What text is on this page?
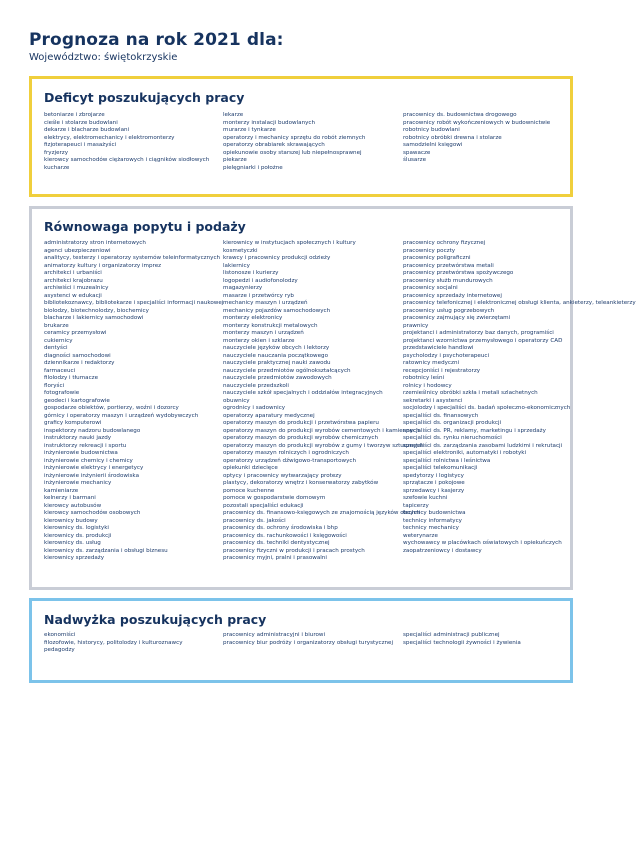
Prognoza na rok 2021 dla:
Województwo: świętokrzyskie
Deficyt poszukujących pracy
betoniarze i zbrojarze
cieśle i stolarze budowlani
dekarze i blacharze budowlani
elektrycy, elektromechanicy i elektromonterzy
fizjoterapeuci i masażyści
fryzjerzy
kierowcy samochodów ciężarowych i ciągników siodłowych
kucharze
lekarze
monterzy instalacji budowlanych
murarze i tynkarze
operatorzy i mechanicy sprzętu do robót ziemnych
operatorzy obrabiarek skrawających
opiekunowie osoby starszej lub niepełnosprawnej
piekarze
pielęgniarki i położne
pracownicy ds. budownictwa drogowego
pracownicy robót wykończeniowych w budownictwie
robotnicy budowlani
robotnicy obróbki drewna i stolarze
samodzielni księgowi
spawacze
ślusarze
Równowaga popytu i podaży
administratorzy stron internetowych
agenci ubezpieczeniowi
analitycy, testerzy i operatorzy systemów teleinformatycznych
animatorzy kultury i organizatorzy imprez
architekci i urbaniści
architekci krajobrazu
archiwiści i muzealnicy
asystenci w edukacji
bibliotekoznawcy, bibliotekarze i specjaliści informacji naukowej
biolodzy, biotechnolodzy, biochemicy
blacharze i lakiernicy samochodowi
brukarze
ceramicy przemysłowi
cukiernicy
dentyści
diagności samochodowi
dziennikarze i redaktorzy
farmaceuci
filolodzy i tłumacze
floryści
fotografowie
geodeci i kartografowie
gospodarze obiektów, portierzy, woźni i dozorcy
górnicy i operatorzy maszyn i urządzeń wydobywczych
graficy komputerowi
inspektorzy nadzoru budowlanego
instruktorzy nauki jazdy
instruktorzy rekreacji i sportu
inżynierowie budownictwa
inżynierowie chemicy i chemicy
inżynierowie elektrycy i energetycy
inżynierowie inżynierii środowiska
inżynierowie mechanicy
kamieniarze
kelnerzy i barmani
kierowcy autobusów
kierowcy samochodów osobowych
kierownicy budowy
kierownicy ds. logistyki
kierownicy ds. produkcji
kierownicy ds. usług
kierownicy ds. zarządzania i obsługi biznesu
kierownicy sprzedaży
kierownicy w instytucjach społecznych i kultury
kosmetyczki
krawcy i pracownicy produkcji odzieży
lakiernicy
listonosze i kurierzy
logopedzi i audiofonolodzy
magazynierzy
masarze i przetwórcy ryb
mechanicy maszyn i urządzeń
mechanicy pojazdów samochodowych
monterzy elektronicy
monterzy konstrukcji metalowych
monterzy maszyn i urządzeń
monterzy okien i szklarze
nauczyciele języków obcych i lektorzy
nauczyciele nauczania początkowego
nauczyciele praktycznej nauki zawodu
nauczyciele przedmiotów ogólnokształcących
nauczyciele przedmiotów zawodowych
nauczyciele przedszkoli
nauczyciele szkół specjalnych i oddziałów integracyjnych
obuwnicy
ogrodnicy i sadownicy
operatorzy aparatury medycznej
operatorzy maszyn do produkcji i przetwórstwa papieru
operatorzy maszyn do produkcji wyrobów cementowych i kamiennych
operatorzy maszyn do produkcji wyrobów chemicznych
operatorzy maszyn do produkcji wyrobów z gumy i tworzyw sztucznych
operatorzy maszyn rolniczych i ogrodniczych
operatorzy urządzeń dźwigowo-transportowych
opiekunki dziecięce
optycy i pracownicy wytwarzający protezy
plastycy, dekoratorzy wnętrz i konserwatorzy zabytków
pomoce kuchenne
pomoce w gospodarstwie domowym
pozostali specjaliści edukacji
pracownicy ds. finansowo-księgowych ze znajomością języków obcych
pracownicy ds. jakości
pracownicy ds. ochrony środowiska i bhp
pracownicy ds. rachunkowości i księgowości
pracownicy ds. techniki dentystycznej
pracownicy fizyczni w produkcji i pracach prostych
pracownicy myjni, pralni i prasowalni
pracownicy ochrony fizycznej
pracownicy poczty
pracownicy poligraficzni
pracownicy przetwórstwa metali
pracownicy przetwórstwa spożywczego
pracownicy służb mundurowych
pracownicy socjalni
pracownicy sprzedaży internetowej
pracownicy telefonicznej i elektronicznej obsługi klienta, ankieterzy, teleankieterzy
pracownicy usług pogrzebowych
pracownicy zajmujący się zwierzętami
prawnicy
projektanci i administratorzy baz danych, programiści
projektanci wzornictwa przemysłowego i operatorzy CAD
przedstawiciele handlowi
psycholodzy i psychoterapeuci
ratownicy medyczni
recepcjoniści i rejestratorzy
robotnicy leśni
rolnicy i hodowcy
rzemieślnicy obróbki szkła i metali szlachetnych
sekretarki i asystenci
socjolodzy i specjaliści ds. badań społeczno-ekonomicznych
specjaliści ds. finansowych
specjaliści ds. organizacji produkcji
specjaliści ds. PR, reklamy, marketingu i sprzedaży
specjaliści ds. rynku nieruchomości
specjaliści ds. zarządzania zasobami ludzkimi i rekrutacji
specjaliści elektroniki, automatyki i robotyki
specjaliści rolnictwa i leśnictwa
specjaliści telekomunikacji
spedytorzy i logistycy
sprzątacze i pokojowe
sprzedawcy i kasjerzy
szefowie kuchni
tapicerzy
technicy budownictwa
technicy informatycy
technicy mechanicy
weterynarze
wychowawcy w placówkach oświatowych i opiekuńczych
zaopatrzeniowcy i dostawcy
Nadwyżka poszukujących pracy
ekonomiści
filozofowie, historycy, politolodzy i kulturoznawcy
pedagodzy
pracownicy administracyjni i biurowi
pracownicy biur podróży i organizatorzy obsługi turystycznej
specjaliści administracji publicznej
specjaliści technologii żywności i żywienia
